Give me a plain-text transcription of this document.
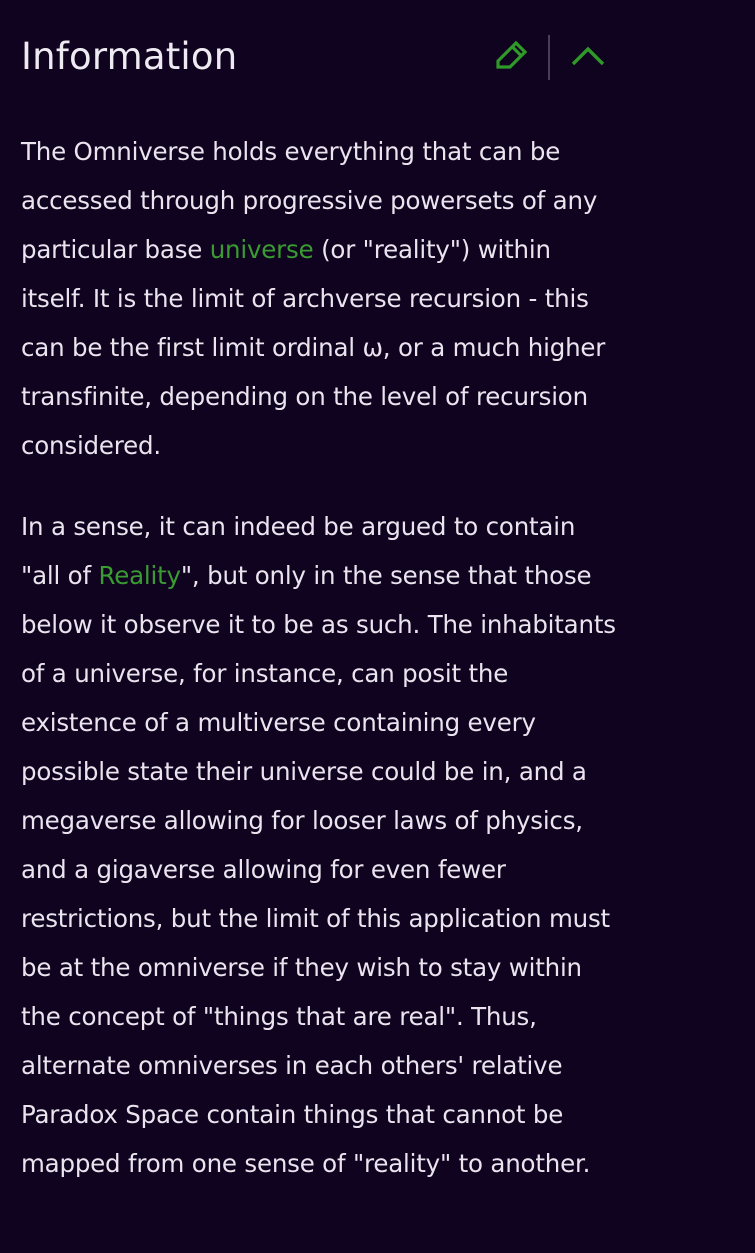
Information

The Omniverse holds everything that can be accessed through progressive powersets of any particular base universe (or "reality") within itself. It is the limit of archverse recursion - this can be the first limit ordinal ω, or a much higher transfinite, depending on the level of recursion considered.

In a sense, it can indeed be argued to contain "all of Reality", but only in the sense that those below it observe it to be as such. The inhabitants of a universe, for instance, can posit the existence of a multiverse containing every possible state their universe could be in, and a megaverse allowing for looser laws of physics, and a gigaverse allowing for even fewer restrictions, but the limit of this application must be at the omniverse if they wish to stay within the concept of "things that are real". Thus, alternate omniverses in each others' relative Paradox Space contain things that cannot be mapped from one sense of "reality" to another.
